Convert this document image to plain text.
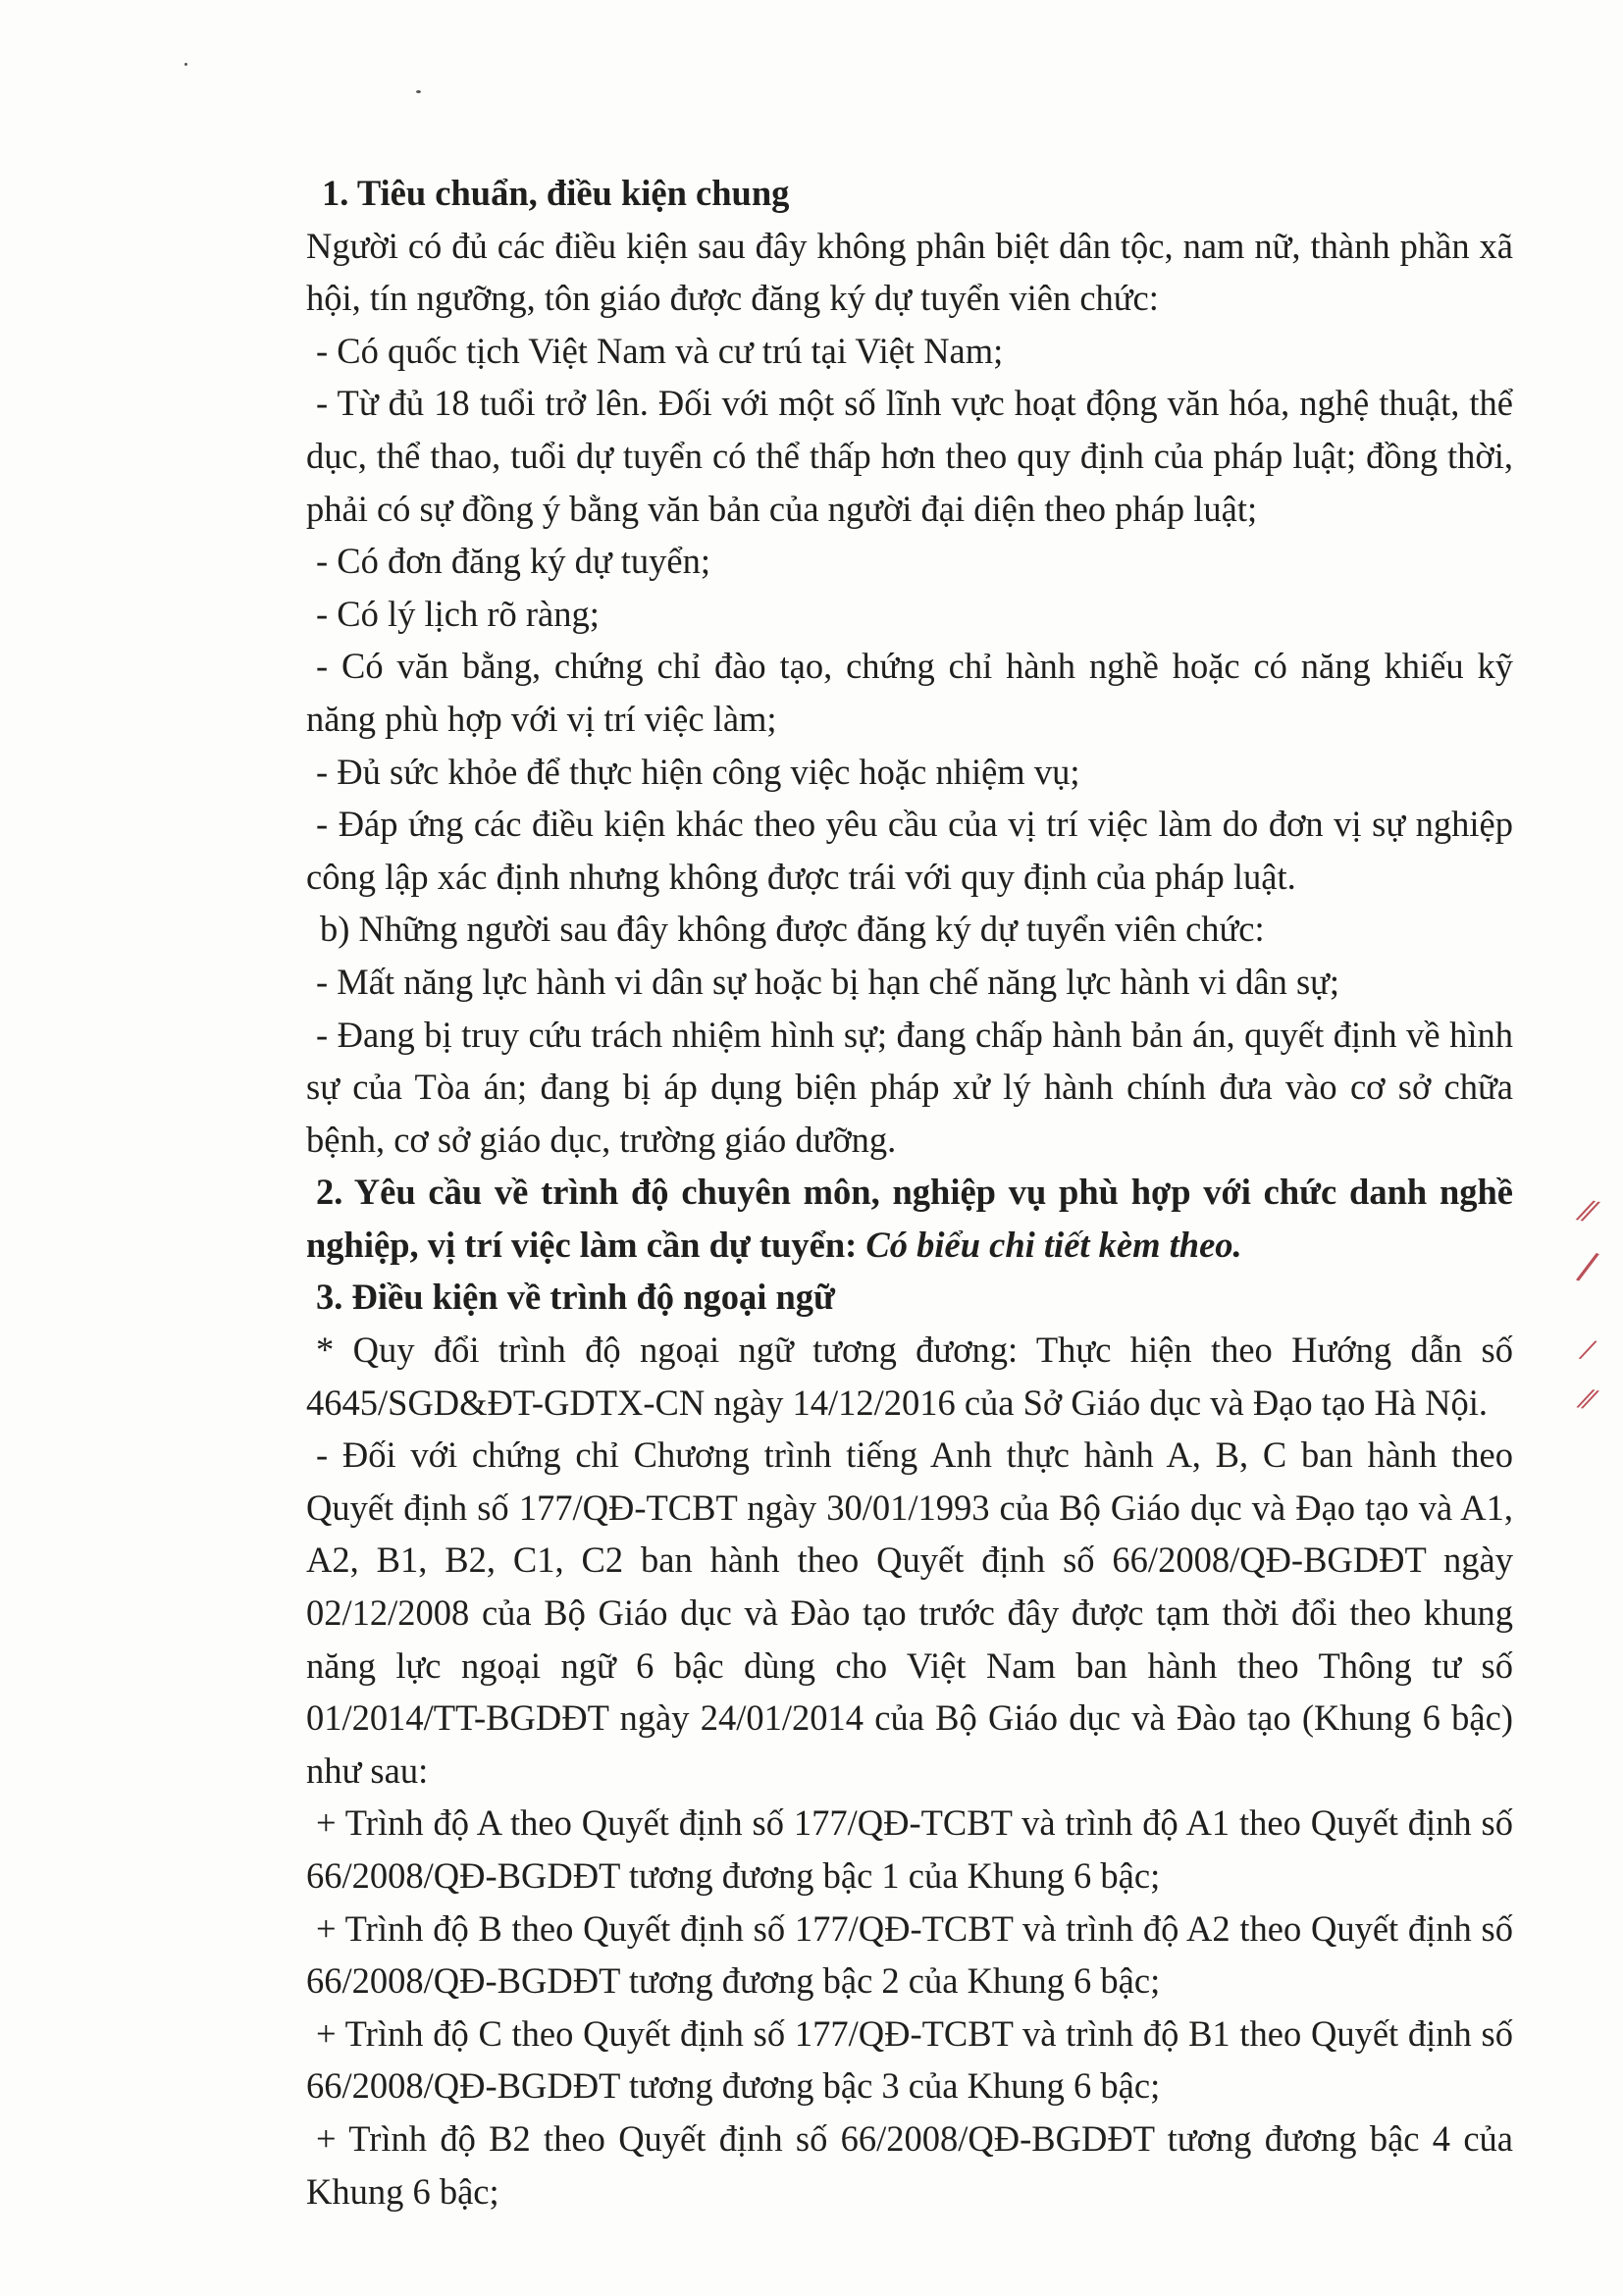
1. Tiêu chuẩn, điều kiện chung

Người có đủ các điều kiện sau đây không phân biệt dân tộc, nam nữ, thành phần xã hội, tín ngưỡng, tôn giáo được đăng ký dự tuyển viên chức:

- Có quốc tịch Việt Nam và cư trú tại Việt Nam;

- Từ đủ 18 tuổi trở lên. Đối với một số lĩnh vực hoạt động văn hóa, nghệ thuật, thể dục, thể thao, tuổi dự tuyển có thể thấp hơn theo quy định của pháp luật; đồng thời, phải có sự đồng ý bằng văn bản của người đại diện theo pháp luật;

- Có đơn đăng ký dự tuyển;

- Có lý lịch rõ ràng;

- Có văn bằng, chứng chỉ đào tạo, chứng chỉ hành nghề hoặc có năng khiếu kỹ năng phù hợp với vị trí việc làm;

- Đủ sức khỏe để thực hiện công việc hoặc nhiệm vụ;

- Đáp ứng các điều kiện khác theo yêu cầu của vị trí việc làm do đơn vị sự nghiệp công lập xác định nhưng không được trái với quy định của pháp luật.

b) Những người sau đây không được đăng ký dự tuyển viên chức:

- Mất năng lực hành vi dân sự hoặc bị hạn chế năng lực hành vi dân sự;

- Đang bị truy cứu trách nhiệm hình sự; đang chấp hành bản án, quyết định về hình sự của Tòa án; đang bị áp dụng biện pháp xử lý hành chính đưa vào cơ sở chữa bệnh, cơ sở giáo dục, trường giáo dưỡng.

2. Yêu cầu về trình độ chuyên môn, nghiệp vụ phù hợp với chức danh nghề nghiệp, vị trí việc làm cần dự tuyển: Có biểu chi tiết kèm theo.

3. Điều kiện về trình độ ngoại ngữ

* Quy đổi trình độ ngoại ngữ tương đương: Thực hiện theo Hướng dẫn số 4645/SGD&ĐT-GDTX-CN ngày 14/12/2016 của Sở Giáo dục và Đạo tạo Hà Nội.

- Đối với chứng chỉ Chương trình tiếng Anh thực hành A, B, C ban hành theo Quyết định số 177/QĐ-TCBT ngày 30/01/1993 của Bộ Giáo dục và Đạo tạo và A1, A2, B1, B2, C1, C2 ban hành theo Quyết định số 66/2008/QĐ-BGDĐT ngày 02/12/2008 của Bộ Giáo dục và Đào tạo trước đây được tạm thời đổi theo khung năng lực ngoại ngữ 6 bậc dùng cho Việt Nam ban hành theo Thông tư số 01/2014/TT-BGDĐT ngày 24/01/2014 của Bộ Giáo dục và Đào tạo (Khung 6 bậc) như sau:

+ Trình độ A theo Quyết định số 177/QĐ-TCBT và trình độ A1 theo Quyết định số 66/2008/QĐ-BGDĐT tương đương bậc 1 của Khung 6 bậc;

+ Trình độ B theo Quyết định số 177/QĐ-TCBT và trình độ A2 theo Quyết định số 66/2008/QĐ-BGDĐT tương đương bậc 2 của Khung 6 bậc;

+ Trình độ C theo Quyết định số 177/QĐ-TCBT và trình độ B1 theo Quyết định số 66/2008/QĐ-BGDĐT tương đương bậc 3 của Khung 6 bậc;

+ Trình độ B2 theo Quyết định số 66/2008/QĐ-BGDĐT tương đương bậc 4 của Khung 6 bậc;

⁄⁄
/
⁄
⁄⁄
